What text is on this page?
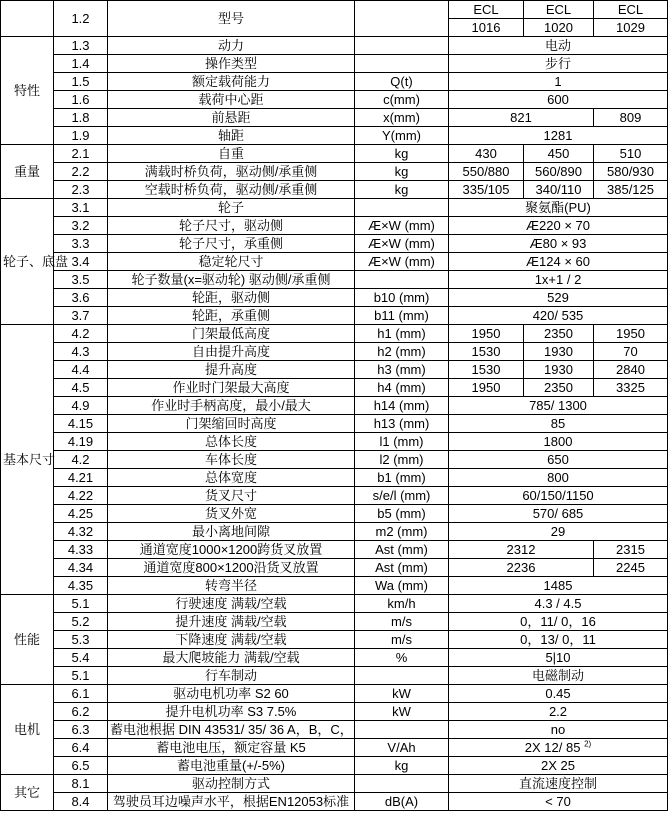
	1.2	型号		ECL	ECL	ECL
				1016	1020	1029
特性	1.3	动力		电动		
	1.4	操作类型		步行		
	1.5	额定载荷能力	Q(t)	1		
	1.6	载荷中心距	c(mm)	600		
	1.8	前悬距	x(mm)	821		809
	1.9	轴距	Y(mm)	1281		
重量	2.1	自重	kg	430	450	510
	2.2	满载时桥负荷，驱动侧/承重侧	kg	550/880	560/890	580/930
	2.3	空载时桥负荷，驱动侧/承重侧	kg	335/105	340/110	385/125
轮子、底盘	3.1	轮子		聚氨酯(PU)		
	3.2	轮子尺寸，驱动侧	Æ×W (mm)	Æ220 × 70		
	3.3	轮子尺寸，承重侧	Æ×W (mm)	Æ80 × 93		
	3.4	稳定轮尺寸	Æ×W (mm)	Æ124 × 60		
	3.5	轮子数量(x=驱动轮) 驱动侧/承重侧		1x+1 / 2		
	3.6	轮距，驱动侧	b10 (mm)	529		
	3.7	轮距，承重侧	b11 (mm)	420/ 535		
基本尺寸	4.2	门架最低高度	h1 (mm)	1950	2350	1950
	4.3	自由提升高度	h2 (mm)	1530	1930	70
	4.4	提升高度	h3 (mm)	1530	1930	2840
	4.5	作业时门架最大高度	h4 (mm)	1950	2350	3325
	4.9	作业时手柄高度，最小/最大	h14 (mm)	785/ 1300		
	4.15	门架缩回时高度	h13 (mm)	85		
	4.19	总体长度	l1 (mm)	1800		
	4.2	车体长度	l2 (mm)	650		
	4.21	总体宽度	b1 (mm)	800		
	4.22	货叉尺寸	s/e/l (mm)	60/150/1150		
	4.25	货叉外宽	b5 (mm)	570/ 685		
	4.32	最小离地间隙	m2 (mm)	29		
	4.33	通道宽度1000×1200跨货叉放置	Ast (mm)	2312		2315
	4.34	通道宽度800×1200沿货叉放置	Ast (mm)	2236		2245
	4.35	转弯半径	Wa (mm)	1485		
性能	5.1	行驶速度 满载/空载	km/h	4.3 / 4.5		
	5.2	提升速度 满载/空载	m/s	0，11/ 0，16		
	5.3	下降速度 满载/空载	m/s	0，13/ 0，11		
	5.4	最大爬坡能力 满载/空载	%	5|10		
	5.1	行车制动		电磁制动		
电机	6.1	驱动电机功率 S2 60	kW	0.45		
	6.2	提升电机功率 S3 7.5%	kW	2.2		
	6.3	蓄电池根据 DIN 43531/ 35/ 36 A，B，C，		no		
	6.4	蓄电池电压，额定容量 K5	V/Ah	2X 12/ 85 $^{2)}$
	6.5	蓄电池重量(+/-5%)	kg	2X 25		
其它	8.1	驱动控制方式		直流速度控制		
	8.4	驾驶员耳边噪声水平，根据EN12053标准	dB(A)	< 70		
